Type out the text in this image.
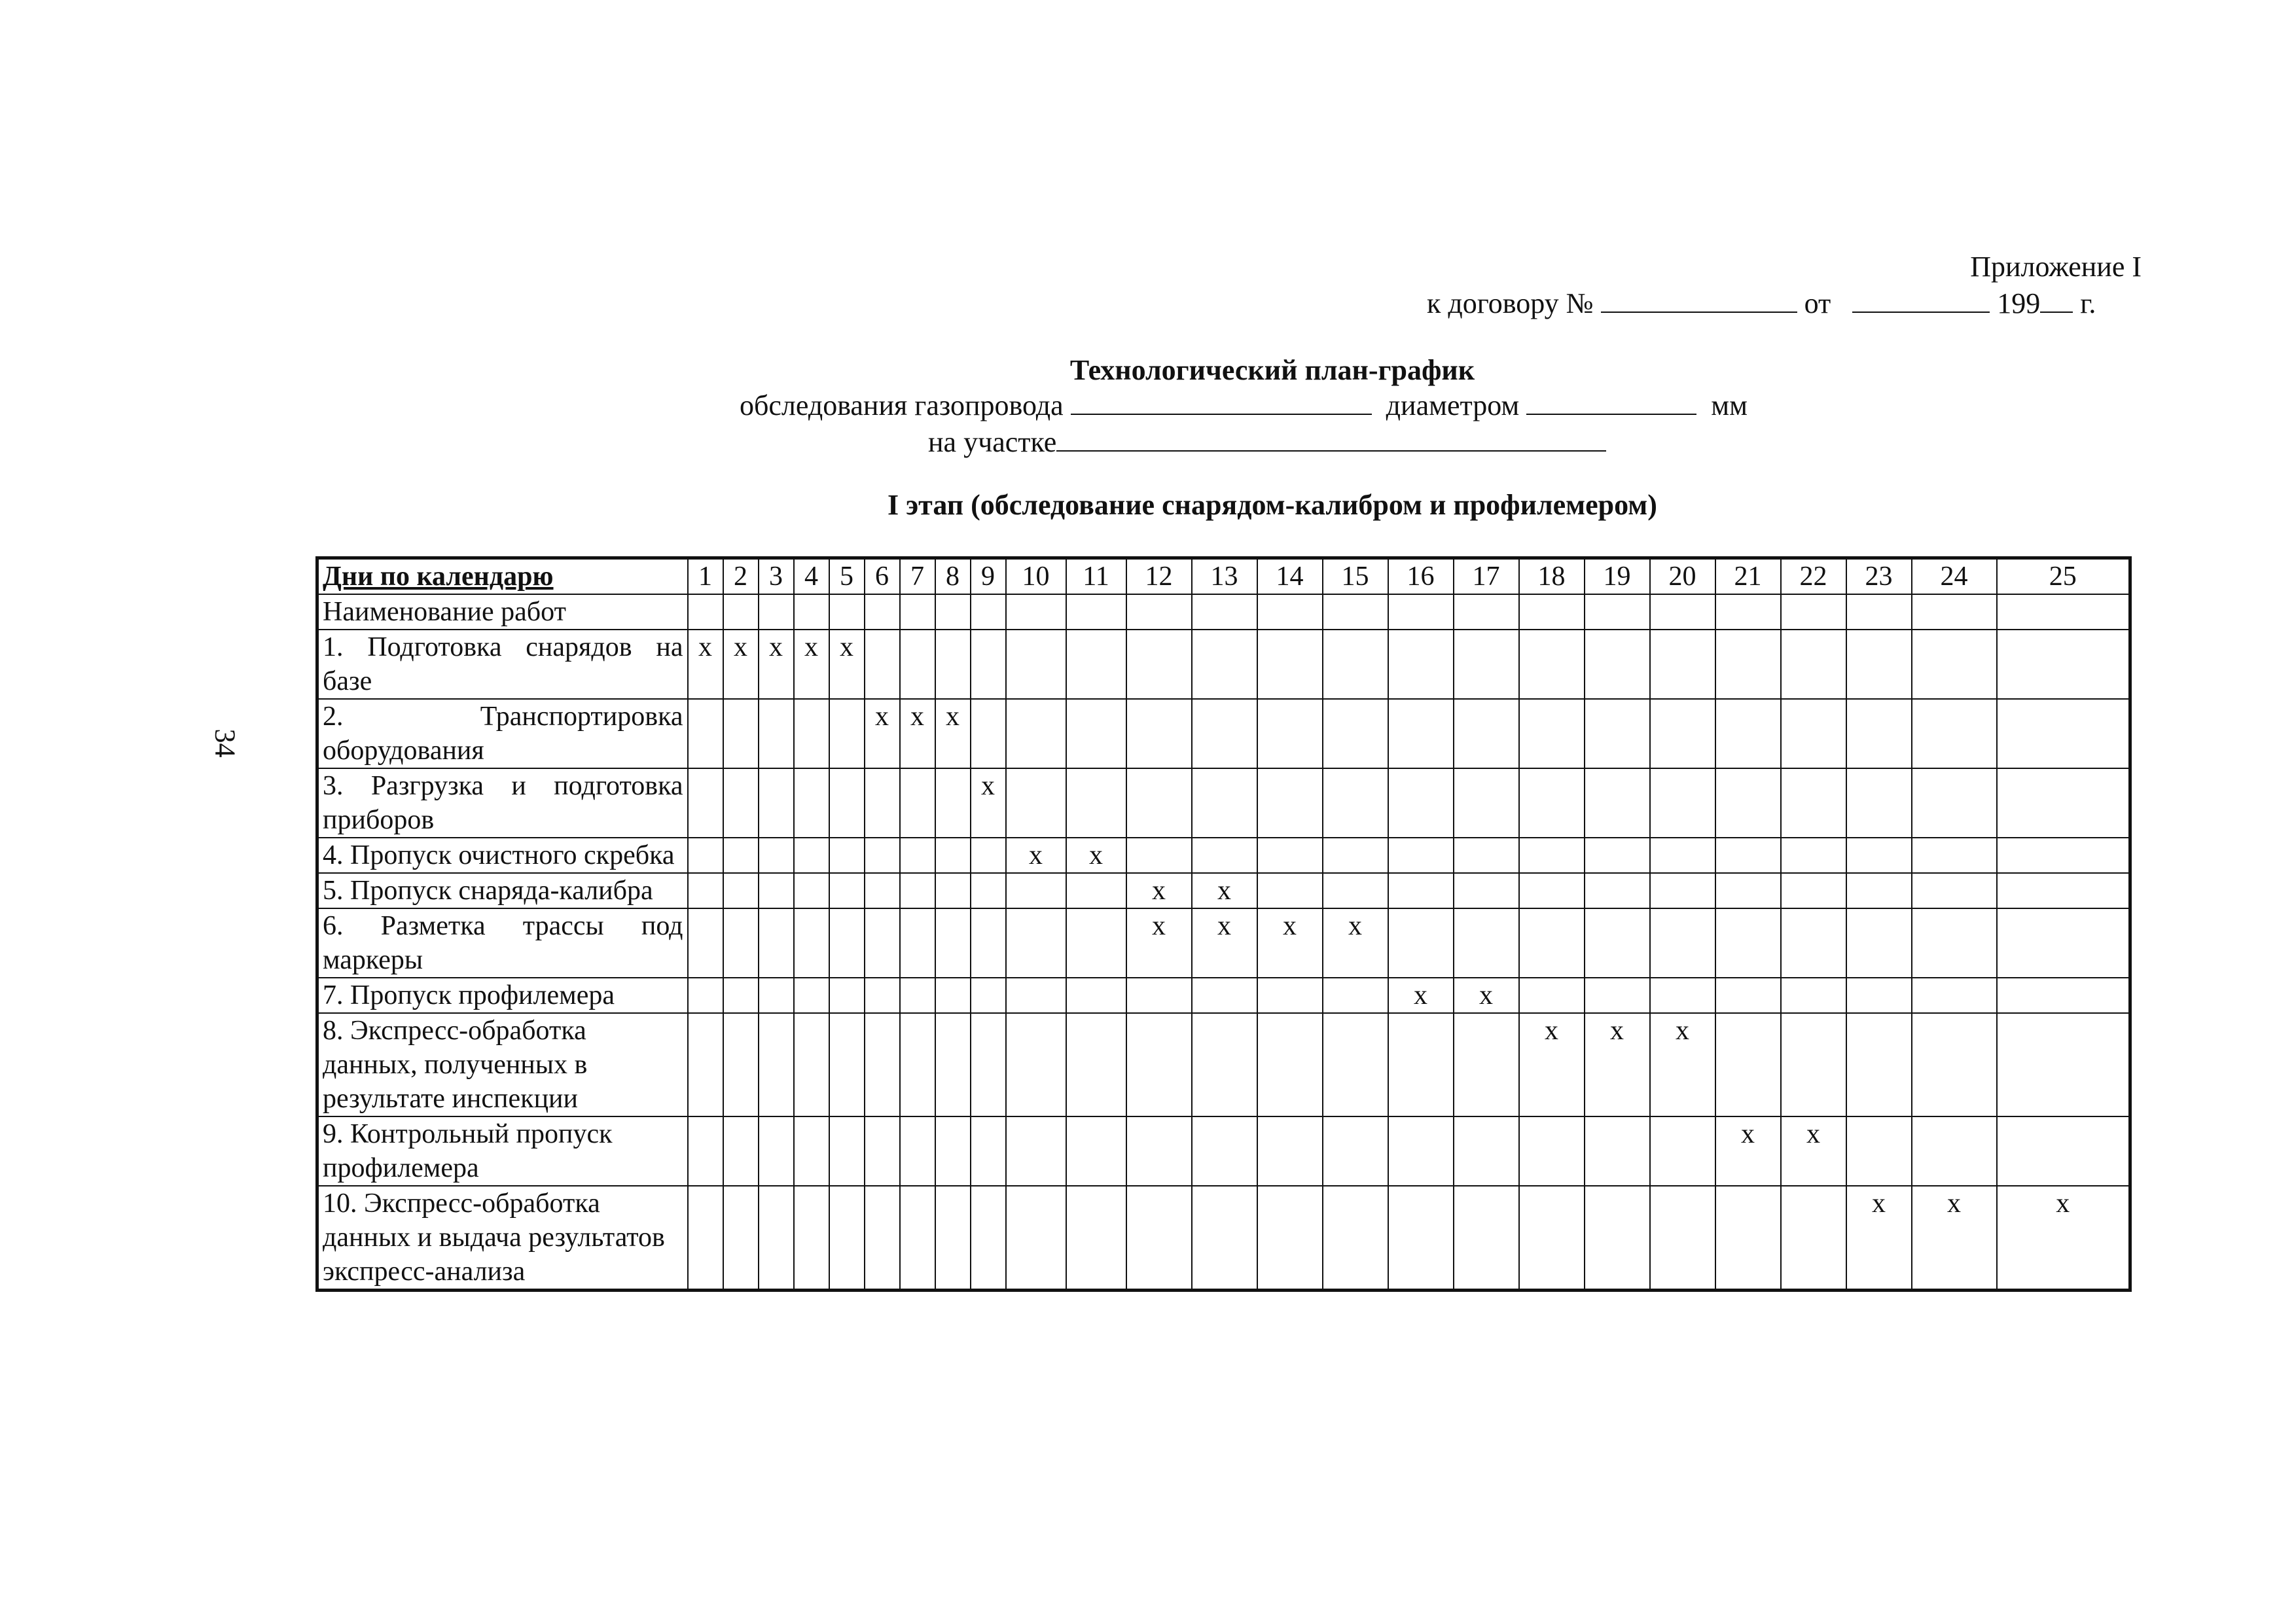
34
Приложение I
к договору №	от	199 г.
Технологический план-график
обследования газопровода	диаметром	мм
на участке
I этап (обследование снарядом-калибром и профилемером)
Дни по календарю	1	2	3	4	5	6	7	8	9	10	11	12	13	14	15	16	17	18	19	20	21	22	23	24	25
Наименование работ																									
1. Подготовка снарядов на базе	х	х	х	х	х																				
2. Транспортировка оборудования						х	х	х																	
3. Разгрузка и подготовка приборов									х																
4. Пропуск очистного скребка										х	х														
5. Пропуск снаряда-калибра												х	х												
6. Разметка трассы под маркеры												х	х	х	х										
7. Пропуск профилемера																х	х								
8. Экспресс-обработка данных, полученных в результате инспекции																		х	х	х					
9. Контрольный пропуск профилемера																					х	х			
10. Экспресс-обработка данных и выдача результатов экспресс-анализа																							х	х	х
